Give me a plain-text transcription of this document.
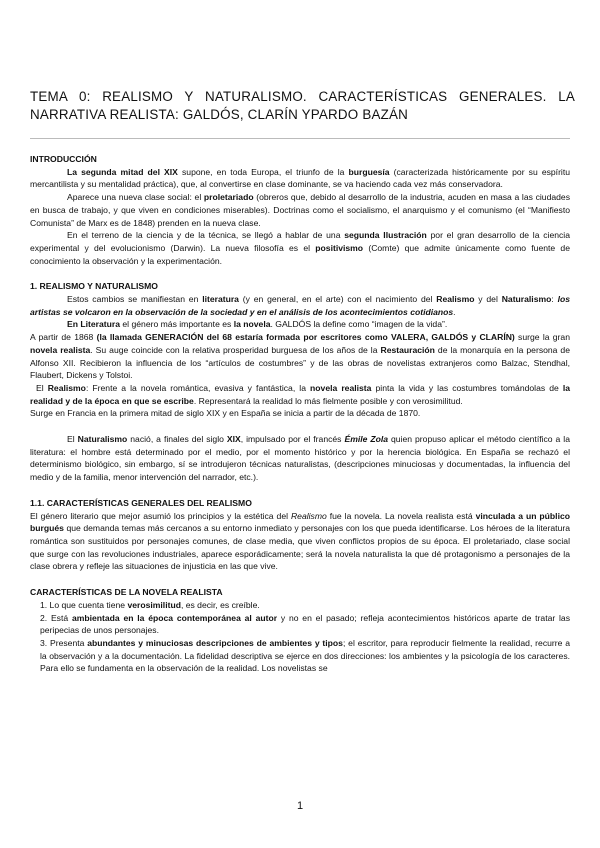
TEMA 0: REALISMO Y NATURALISMO. CARACTERÍSTICAS GENERALES. LA NARRATIVA REALISTA: GALDÓS, CLARÍN YPARDO BAZÁN

INTRODUCCIÓN

La segunda mitad del XIX supone, en toda Europa, el triunfo de la burguesía (caracterizada históricamente por su espíritu mercantilista y su mentalidad práctica), que, al convertirse en clase dominante, se va haciendo cada vez más conservadora.

Aparece una nueva clase social: el proletariado (obreros que, debido al desarrollo de la industria, acuden en masa a las ciudades en busca de trabajo, y que viven en condiciones miserables). Doctrinas como el socialismo, el anarquismo y el comunismo (el “Manifiesto Comunista” de Marx es de 1848) prenden en la nueva clase.

En el terreno de la ciencia y de la técnica, se llegó a hablar de una segunda Ilustración por el gran desarrollo de la ciencia experimental y del evolucionismo (Darwin). La nueva filosofía es el positivismo (Comte) que admite únicamente como fuente de conocimiento la observación y la experimentación.

1. REALISMO Y NATURALISMO

Estos cambios se manifiestan en literatura (y en general, en el arte) con el nacimiento del Realismo y del Naturalismo: los artistas se volcaron en la observación de la sociedad y en el análisis de los acontecimientos cotidianos.

En Literatura el género más importante es la novela. GALDÓS la define como “imagen de la vida”.

A partir de 1868 (la llamada GENERACIÓN del 68 estaría formada por escritores como VALERA, GALDÓS y CLARÍN) surge la gran novela realista. Su auge coincide con la relativa prosperidad burguesa de los años de la Restauración de la monarquía en la persona de Alfonso XII. Recibieron la influencia de los “artículos de costumbres” y de las obras de novelistas extranjeros como Balzac, Stendhal, Flaubert, Dickens y Tolstoi.

El Realismo: Frente a la novela romántica, evasiva y fantástica, la novela realista pinta la vida y las costumbres tomándolas de la realidad y de la época en que se escribe. Representará la realidad lo más fielmente posible y con verosimilitud.

Surge en Francia en la primera mitad de siglo XIX y en España se inicia a partir de la década de 1870.

El Naturalismo nació, a finales del siglo XIX, impulsado por el francés Émile Zola quien propuso aplicar el método científico a la literatura: el hombre está determinado por el medio, por el momento histórico y por la herencia biológica. En España se rechazó el determinismo biológico, sin embargo, sí se introdujeron técnicas naturalistas, (descripciones minuciosas y documentadas, la influencia del medio y de la familia, menor intervención del narrador, etc.).

1.1. CARACTERÍSTICAS GENERALES DEL REALISMO

El género literario que mejor asumió los principios y la estética del Realismo fue la novela. La novela realista está vinculada a un público burgués que demanda temas más cercanos a su entorno inmediato y personajes con los que pueda identificarse. Los héroes de la literatura romántica son sustituidos por personajes comunes, de clase media, que viven conflictos propios de su época. El proletariado, clase social que surge con las revoluciones industriales, aparece esporádicamente; será la novela naturalista la que dé protagonismo a personajes de la clase obrera y refleje las situaciones de injusticia en las que vive.

CARACTERÍSTICAS DE LA NOVELA REALISTA

1. Lo que cuenta tiene verosimilitud, es decir, es creíble.

2. Está ambientada en la época contemporánea al autor y no en el pasado; refleja acontecimientos históricos aparte de tratar las peripecias de unos personajes.

3. Presenta abundantes y minuciosas descripciones de ambientes y tipos; el escritor, para reproducir fielmente la realidad, recurre a la observación y a la documentación. La fidelidad descriptiva se ejerce en dos direcciones: los ambientes y la psicología de los caracteres. Para ello se fundamenta en la observación de la realidad. Los novelistas se

1
